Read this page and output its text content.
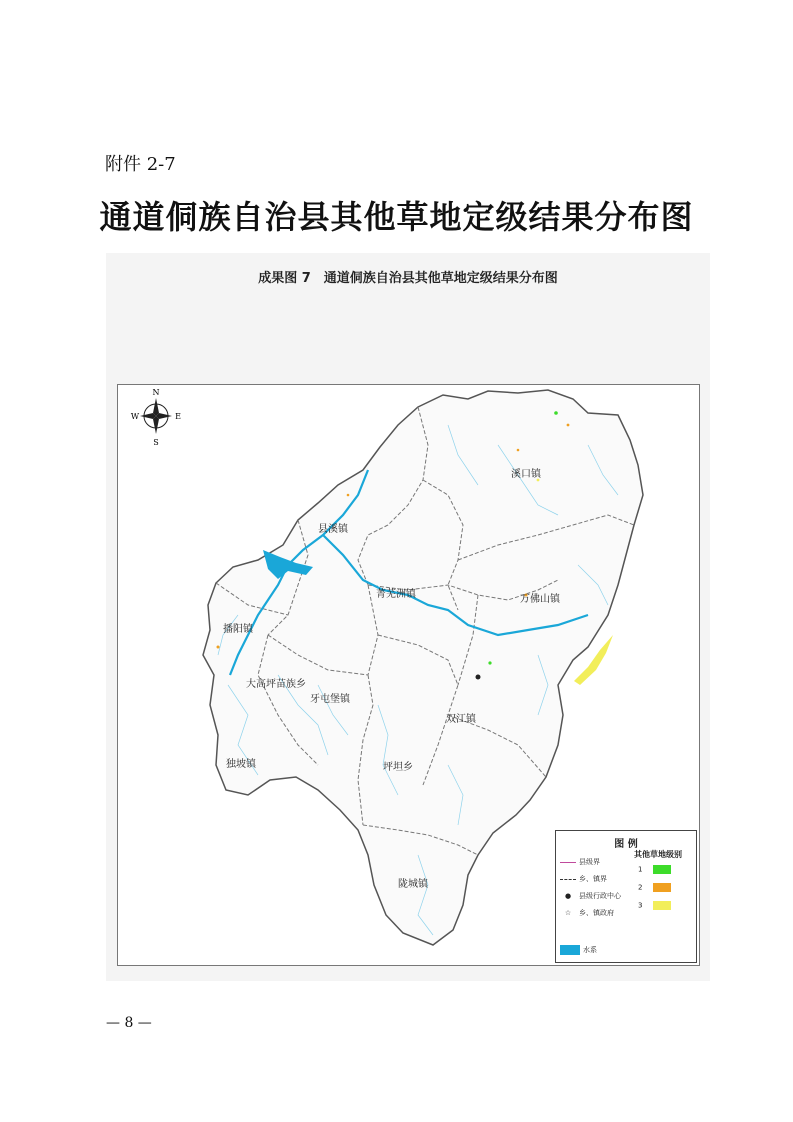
附件 2-7
通道侗族自治县其他草地定级结果分布图
成果图 7　通道侗族自治县其他草地定级结果分布图
N
S
W	E
溪口镇
县溪镇
菁芜洲镇	万佛山镇
播阳镇
大高坪苗族乡
牙屯堡镇
双江镇
独坡镇	坪坦乡
陇城镇
图 例
县级界
乡、镇界
● 县级行政中心
☆ 乡、镇政府
水系
其他草地级别
1
2
3
— 8 —
